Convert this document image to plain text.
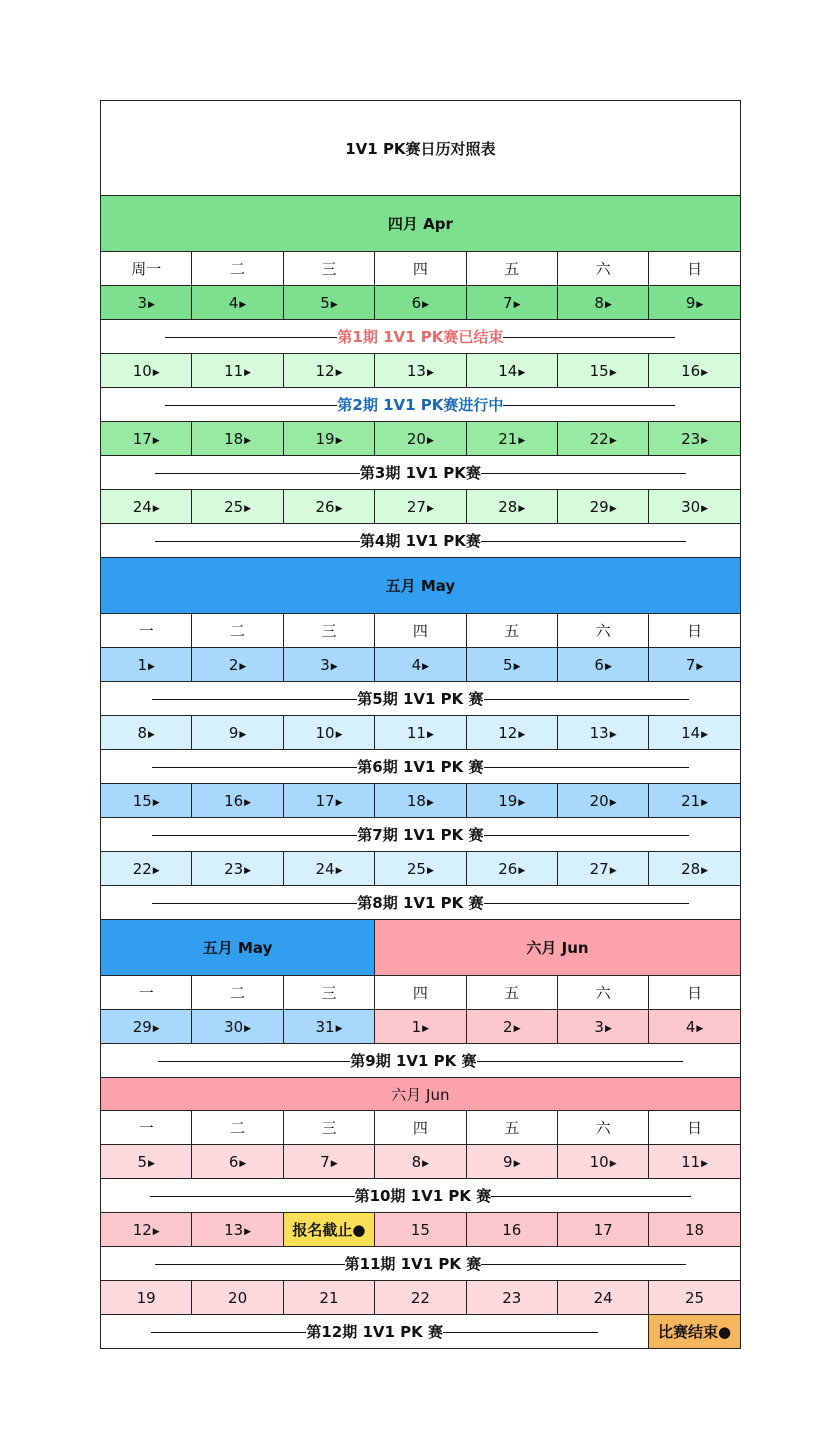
1V1 PK赛日历对照表						
四月 Apr						
周一	二	三	四	五	六	日
3▶	4▶	5▶	6▶	7▶	8▶	9▶
第1期 1V1 PK赛已结束						
10▶	11▶	12▶	13▶	14▶	15▶	16▶
第2期 1V1 PK赛进行中						
17▶	18▶	19▶	20▶	21▶	22▶	23▶
第3期 1V1 PK赛						
24▶	25▶	26▶	27▶	28▶	29▶	30▶
第4期 1V1 PK赛						
五月 May						
一	二	三	四	五	六	日
1▶	2▶	3▶	4▶	5▶	6▶	7▶
第5期 1V1 PK 赛						
8▶	9▶	10▶	11▶	12▶	13▶	14▶
第6期 1V1 PK 赛						
15▶	16▶	17▶	18▶	19▶	20▶	21▶
第7期 1V1 PK 赛						
22▶	23▶	24▶	25▶	26▶	27▶	28▶
第8期 1V1 PK 赛						
五月 May			六月 Jun			
一	二	三	四	五	六	日
29▶	30▶	31▶	1▶	2▶	3▶	4▶
第9期 1V1 PK 赛						
六月 Jun						
一	二	三	四	五	六	日
5▶	6▶	7▶	8▶	9▶	10▶	11▶
第10期 1V1 PK 赛						
12▶	13▶	报名截止●	15	16	17	18
第11期 1V1 PK 赛						
19	20	21	22	23	24	25
第12期 1V1 PK 赛						比赛结束●
